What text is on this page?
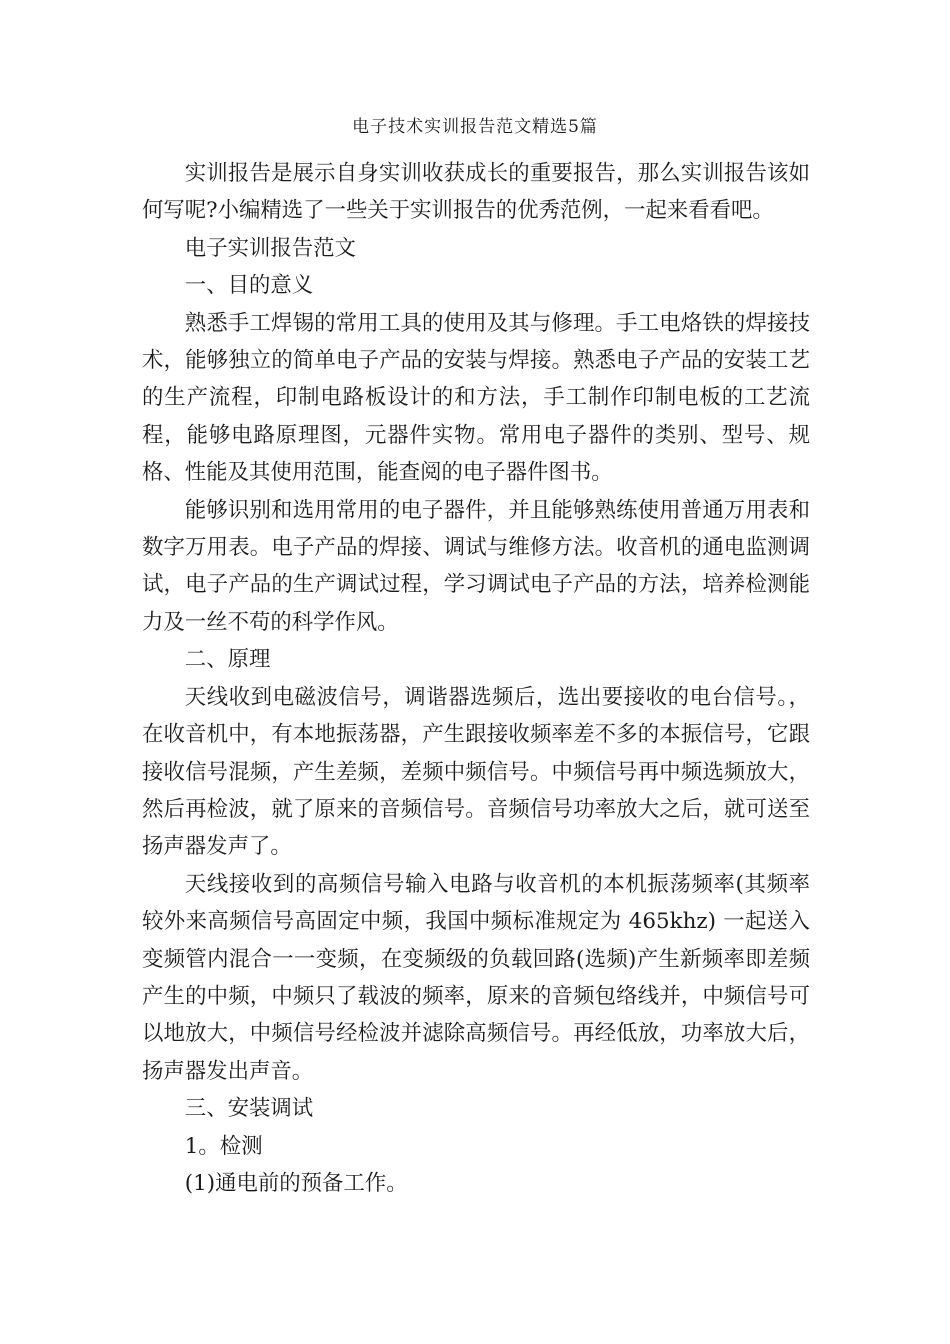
电子技术实训报告范文精选5篇

实训报告是展示自身实训收获成长的重要报告，那么实训报告该如何写呢?小编精选了一些关于实训报告的优秀范例，一起来看看吧。

电子实训报告范文

一、目的意义

熟悉手工焊锡的常用工具的使用及其与修理。手工电烙铁的焊接技术，能够独立的简单电子产品的安装与焊接。熟悉电子产品的安装工艺的生产流程，印制电路板设计的和方法，手工制作印制电板的工艺流程，能够电路原理图，元器件实物。常用电子器件的类别、型号、规格、性能及其使用范围，能查阅的电子器件图书。

能够识别和选用常用的电子器件，并且能够熟练使用普通万用表和数字万用表。电子产品的焊接、调试与维修方法。收音机的通电监测调试，电子产品的生产调试过程，学习调试电子产品的方法，培养检测能力及一丝不苟的科学作风。

二、原理

天线收到电磁波信号，调谐器选频后，选出要接收的电台信号。，在收音机中，有本地振荡器，产生跟接收频率差不多的本振信号，它跟接收信号混频，产生差频，差频中频信号。中频信号再中频选频放大，然后再检波，就了原来的音频信号。音频信号功率放大之后，就可送至扬声器发声了。

天线接收到的高频信号输入电路与收音机的本机振荡频率(其频率较外来高频信号高固定中频，我国中频标准规定为 465khz) 一起送入变频管内混合一一变频，在变频级的负载回路(选频)产生新频率即差频产生的中频，中频只了载波的频率，原来的音频包络线并，中频信号可以地放大，中频信号经检波并滤除高频信号。再经低放，功率放大后，扬声器发出声音。

三、安装调试

1。检测

(1)通电前的预备工作。
